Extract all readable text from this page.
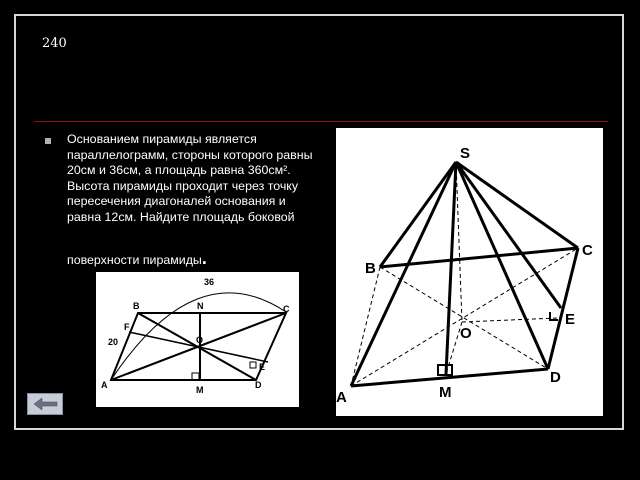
240
Основанием пирамиды является параллелограмм, стороны которого равны 20см и 36см, а площадь равна 360см². Высота пирамиды проходит через точку пересечения диагоналей основания и равна 12см. Найдите площадь боковой
поверхности пирамиды.
B	N	C
F
O
E
A	M	D
20
36
S
B
C
E
O
A	M
D
